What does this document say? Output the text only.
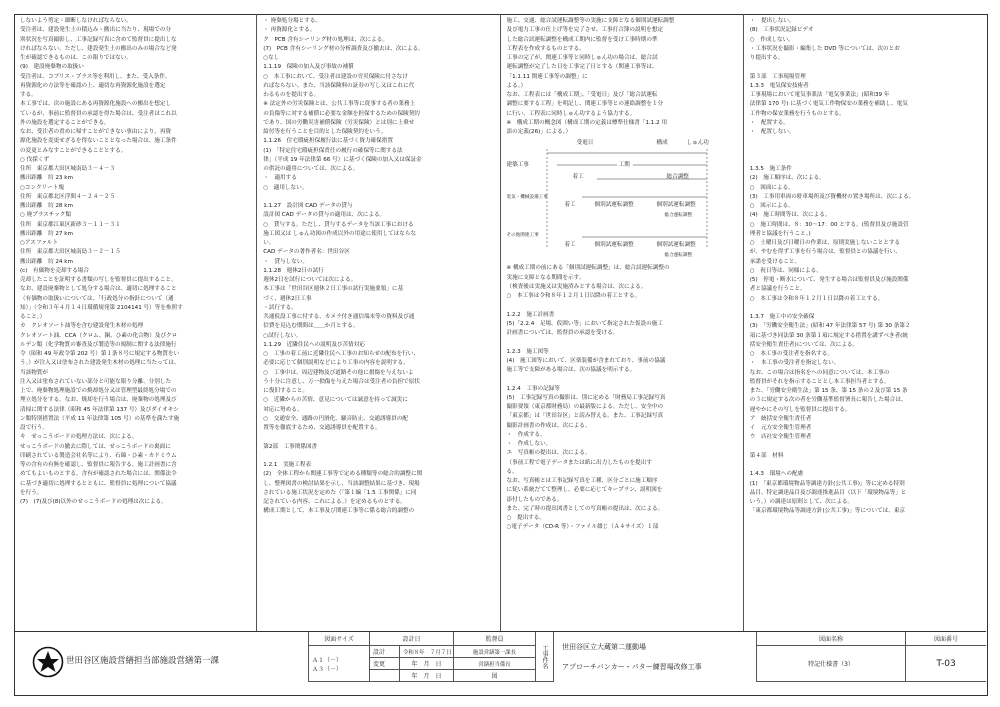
しないよう剪定・細断しなければならない。

受注者は、建設発生土の積込み・搬出に当たり、現場での分

別状況を写真撮影し、工事記録写真に含めて監督員に提出しな

ければならない。ただし、建設発生土の搬出のみの場合など発

生が確認できるものは、この限りではない。

(9)　建設廃棄物の取扱い

受注者は、コブリス・プラス等を利用し、また、受入条件、

再資源化の方法等を確認の上、適切な再資源化施設を選定

する。

本工事では、次の施設にある再資源化施設への搬出を想定し

ているが、事前に監督員の承認を得た場合は、受注者はこれ以

外の施設を選定することができる。

なお、受注者の責めに帰すことができない事由により、再資

源化施設を変更せざるを得ないこととなった場合は、施工条件

の変更とみなすことができることとする。

○ 伐採くず

住所　東京都大田区城南島３－４－３

搬出距離　約 23 km

○コンクリート塊

住所　東京都北区浮間４－２４－２５

搬出距離　約 28 km

○ 廃プラスチック類

住所　東京都江東区新砂３－１１－３１

搬出距離　約 27 km

○アスファルト

住所　東京都大田区城南島３－２－１５

搬出距離　約 24 km

(c)　有価物を売却する場合

売却したことを証明する書類の写しを監督員に提出すること。

なお、建設廃棄物として処分する場合は、適切に処理すること

（有価物の取扱いについては、「行政処分の指針について（通

知）」（令和３年４月１４日環循規発第 2104141 号）等を参照す

ること。）

カ　クレオソート油等を含む建設発生木材の処理

クレオソート油、CCA（クロム、銅、ひ素の化合物）及びクロ

ルデン類（化学物質の審査及び製造等の規制に関する法律施行

令（昭和 49 年政令第 202 号）第１条８号に規定する物質をい

う。）が注入又は塗布された建設発生木材の処理に当たっては、

当該物質が

注入又は塗布されていない部分と可能な限り分離、分別した

上で、廃棄物処理施設での焼却処分又は管理型最終処分場での

埋立処分をする。なお、焼却を行う場合は、廃棄物の処理及び

清掃に関する法律（昭和 45 年法律第 137 号）及びダイオキシ

ン類特別措置法（平成 11 年法律第 105 号）の基準を満たす施

設で行う。

キ　せっこうボードの処理方法は、次による。

せっこうボードの撤去に際しては、せっこうボードの裏面に

印刷されている製造会社名等により、石綿・ひ素・カドミウム

等の含有の有無を確認し、監督員に報告する。施工計画書に含

めてもよいものとする。含有が確認された場合には、関係法令

に基づき適切に処理するとともに、監督員に処理について協議

を行う。

(7)　(7)及び(8)以外のせっこうボードの処理は次による。

・ 廃棄処分場とする。

・ 再資源化とする。

ク　PCB 含有シーリング材の処理は、次による。

(7)　PCB 含有シーリング材の分析調査及び撤去は、次による。

○なし

1.1.19　保険の加入及び事故の補償

○　本工事において、受注者は建設の労災保険に付さなけ

ればならない。また、当該保険料の証券の写し又はこれに代

わるものを提出する。

※ 法定外の労災保険とは、公共工事等に従事する者の業務上

の負傷等に対する補償に必要な金額を担保するための保険契約

であり、国の労働災害補償保険（労災保険）とは別に上乗せ

給付等を行うことを目的とした保険契約をいう。

1.1.26　住宅瑕疵担保履行法に基づく資力確保措置

(1)　「特定住宅瑕疵担保責任の履行の確保等に関する法

律」（平成 19 年法律第 66 号）に基づく保険の加入又は保証金

の供託の適用については、次による。

・　適用する

○　適用しない。

1.1.27　設計図 CAD データの貸与

設計図 CAD データの貸与の適用は、次による。

○　貸与する。ただし、貸与するデータを当該工事における

施工図又は しゅん功図の作成以外の用途に使用してはならな

い。

CAD データの著作者名：世田谷区

・　貸与しない。

1.1.28　週休2日の試行

週休2日を試行については次による。

本工事は「世田谷区週休２日工事の試行実施要領」に基

づく、週休2日工事

・試行する。

共通仮設工事に付する、カメラ付き通信端末等の資料及び通

信費を見込む期間は＿＿か月とする。

○試行しない。

1.1.29　近隣住民への説明及び苦情対応

○　工事の着工前に近隣住民へ工事のお知らせの配布を行い、

必要に応じて個別説明などにより工事の内容を説明する。

○　工事中は、周辺建物及び道路その他に損傷を与えないよ

う十分に注意し、万一損傷を与えた場合は受注者の負担で原状

に復旧すること。

○　近隣からの苦情、意見については誠意を持って誠実に

対応に努める。

○　交通安全、通路の円滑化、騒音防止、交通誘導員の配

置等を徹底するため、交通誘導員を配置する。

第2部　工事関係図書

1.2.1　実施工程表

(2)　全体工程から関連工事等で定める種類等の総合的調整に関

し、整理図書の検討結果を示し、当該調整結果に基づき、現場

されている施工状況を定めた（「第１編「1.5 工事関係」に同

記されている内容、これによる。）を定めるものとする。

構成工期として、本工事及び関連工事等に係る総合的調整の

施工、交通、総合試運転調整等の実施に支障となる個別試運転調整

及び電力工事の仕上げ等を完了させ、工事打合簿の説明を想定

した総合試運転調整を構成工期内に監督を受け工事時期の準

工程表を作成するものとする。

工事の完了が、関連工事等と同時しゅん功の場合は、総合試

運転調整が完了した日を工事完了日とする（関連工事等は、

「1.1.11 関連工事等の調整」に

よる。）

なお、工程表には「構成工期」、「受電日」及び「総合試運転

調整に要する工程」を明記し、関連工事等との連絡調整を１分

に行い、工程表に同時しゅん功するよう協力する。

※　構成工期の概念図（構成工期の定義は標準仕様書「1.1.2 用

語の定義(26)」による。）

受電日	構成	しゅん功
建築工事
着工
工期
総合調整
電気・機械設備工事
着工	個別試運転調整	個別試運転調整
総合運転調整
その他関連工事
着工	個別試運転調整	個別試運転調整
総合運転調整

※ 構成工期の前にある「個別試運転調整」は、総合試運転調整の

実施に支障となる期間を示す。

（検査後は実施又は実施済みとする場合は、次による。

○　本工事は令和８年１２月１日以降の着工とする。

1.2.2　施工計画書

(5)「2.2.4　足場、仮囲い等」において指定された仮設の施工

計画書については、監督員の承認を受ける。

1.2.3　施工図等

(4)　施工図等において、区楽装備が含まれており、事前の協議

施工等で支障がある場合は、次の協議を明示する。

1.2.4　工事の記録等

(5)　工事記録写真の撮影は、別に定める「財務局工事記録写真

撮影要領（東京都財務局）の最新版による。ただし、安全中の

「東京都」は「世田谷区」と読み替える。また、工事記録写真

撮影計画書の作成は、次による。

・　作成する。

・　作成しない。

エ　写真帳の提出は、次による。

（事前工程で電子データまたは紙に出力したものを提出す

る。

なお、写真帳とは工事記録写真を工種、区分ごとに施工順序

に従い系統だてて整理し、必要に応じてキープラン、説明図を

添付したものである。

また、完了時の提出図書としての写真帳の提出は、次による。

○　提出する。

○電子データ（CD-R 等）・ファイル綴じ（Ａ４サイズ）１部

・　提出しない。

(8)　工事状況記録ビデオ

○　作成しない。

・工事状況を撮影・編集した DVD 等については、次のとお

り提出する。

第３部　工事現場管理

1.3.3　電気保安技術者

工事現場において電気事業法「電気事業法」(昭和39 年

法律第 170 号) に基づく電気工作物保安の業務を補助し、電気

工作物の保安業務を行うものとする。

・　配置する。

・　配置しない。

1.3.5　施工条件

(2)　施工順序は、次による。

○　図面による。

(3)　工事用車両の駐車場所及び資機材の置き場所は、次による。

○　図示による。

(4)　施工時間等は、次による。

○　施工時間は、８：30～17：00 とする。(監督員及び施設管

理者と協議を行うこと。)

○　土曜日及び日曜日の作業は、原則実施しないこととする

が、やむを得ず工事を行う場合は、監督員との協議を行い、

承諾を受けること。

○　祝日等は、同様による。

(5)　停電・断水について、発生する場合は監督員及び施設関係

者と協議を行うこと。

○　本工事は令和８年１２月１日以降の着工とする。

1.3.7　施工中の安全確保

(3)　「労働安全衛生法」(昭和 47 年法律第 57 号) 第 30 条第２

項に基づき同法第 30 条第１項に規定する措置を講ずべき者(統

括安全衛生責任者)については、次による。

○　本工事の受注者を指名する。

・　本工事の受注者を指定しない。

なお、この場合は指名をへの同意については、本工事の

監督員がそれを指示することとし本工事担当者とする。

また、「労働安全衛生法」第 15 条、第 15 条の２及び第 15 条

の３に規定する次の者を労働基準監督署長に報告した場合は、

遅やかにその写しを監督員に提出する。

ア　統括安全衛生責任者

イ　元方安全衛生管理者

ウ　店社安全衛生管理者

第４部　材料

1.4.3　環境への配慮

(1)　「東京都環境物品等調達方針(公共工事)」等に定める特別

品目、特定調達品目及び調達推進品目（以下「環境物品等」と

いう。）の調達は原則として、次による。

「東京都環境物品等調達方針(公共工事)」等については、東京

世田谷区施設営繕担当部施設営繕第一課
図面サイズ
Ａ１（－）
Ａ３（－）
設計日	監督員
設計	令和８年　７月７日	施設営繕第一課長
変更	年　月　日	営繕担当係長
年　月　日	図
工事件名	世田谷区立大蔵第二運動場
アプローチバンカー・パター練習場改修工事
図面名称
特記仕様書（3）
図面番号
T-03
